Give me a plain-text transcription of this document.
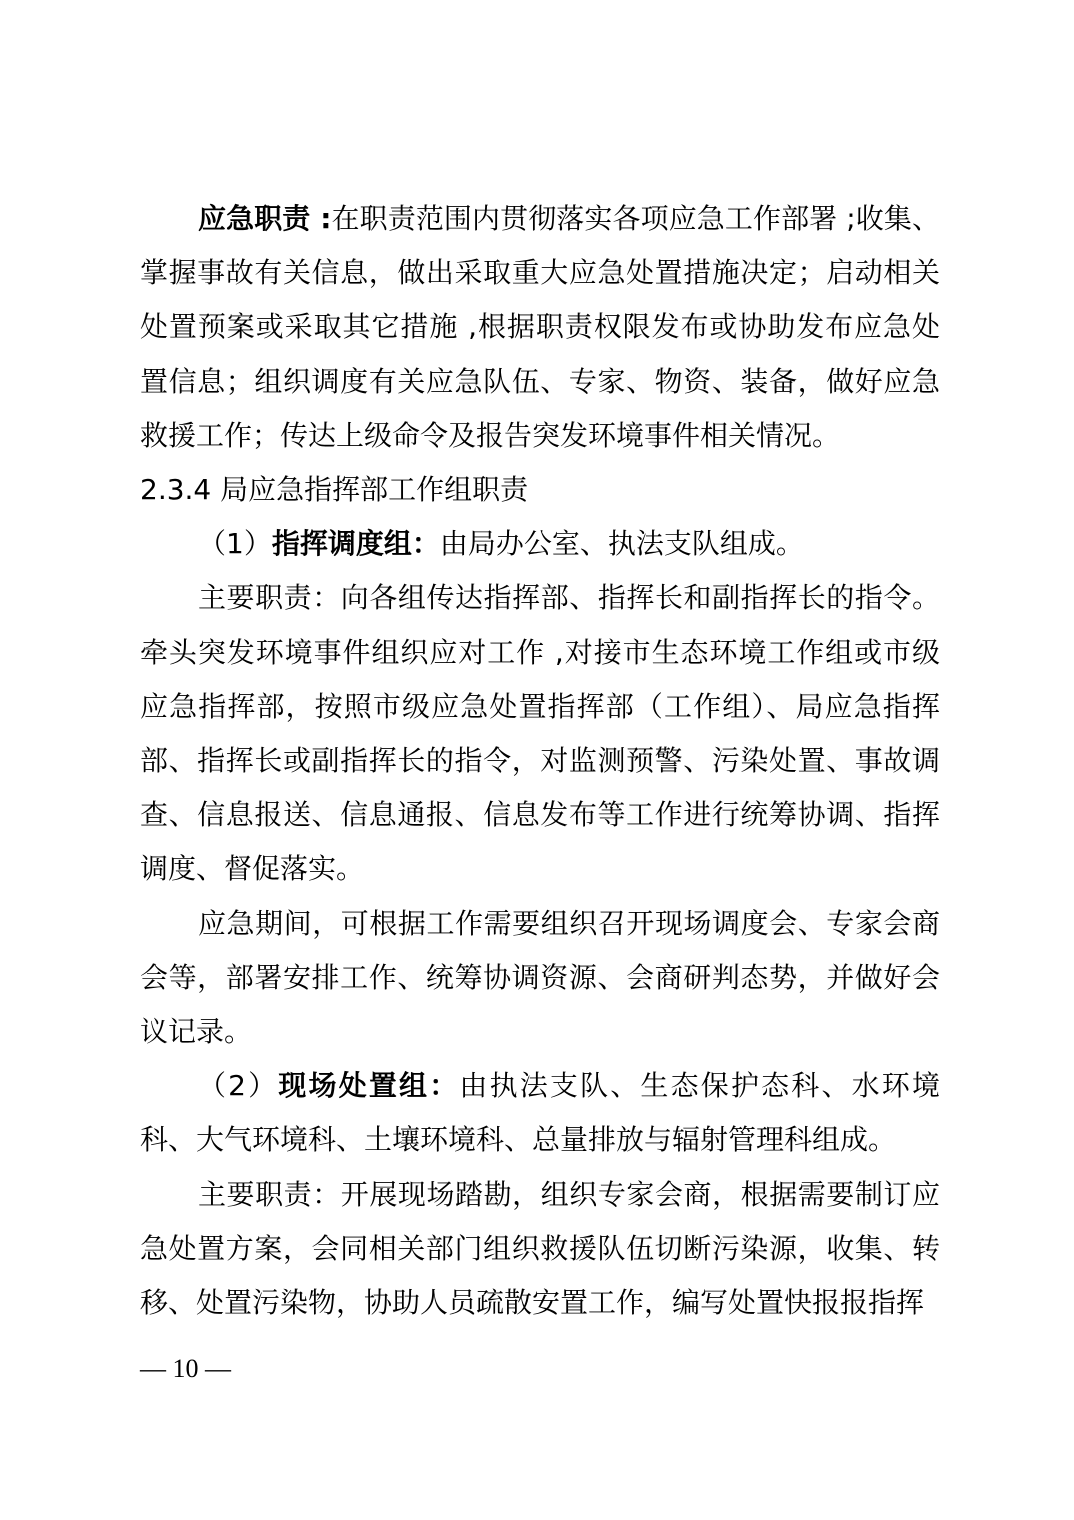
应急职责 :在职责范围内贯彻落实各项应急工作部署 ;收集、掌握事故有关信息，做出采取重大应急处置措施决定；启动相关处置预案或采取其它措施 ,根据职责权限发布或协助发布应急处置信息；组织调度有关应急队伍、专家、物资、装备，做好应急救援工作；传达上级命令及报告突发环境事件相关情况。

2.3.4 局应急指挥部工作组职责

（1）指挥调度组：由局办公室、执法支队组成。

主要职责：向各组传达指挥部、指挥长和副指挥长的指令。牵头突发环境事件组织应对工作 ,对接市生态环境工作组或市级应急指挥部，按照市级应急处置指挥部（工作组）、局应急指挥部、指挥长或副指挥长的指令，对监测预警、污染处置、事故调查、信息报送、信息通报、信息发布等工作进行统筹协调、指挥调度、督促落实。

应急期间，可根据工作需要组织召开现场调度会、专家会商会等，部署安排工作、统筹协调资源、会商研判态势，并做好会议记录。

（2）现场处置组：由执法支队、生态保护态科、水环境科、大气环境科、土壤环境科、总量排放与辐射管理科组成。

主要职责：开展现场踏勘，组织专家会商，根据需要制订应急处置方案，会同相关部门组织救援队伍切断污染源，收集、转移、处置污染物，协助人员疏散安置工作，编写处置快报报指挥

— 10 —
